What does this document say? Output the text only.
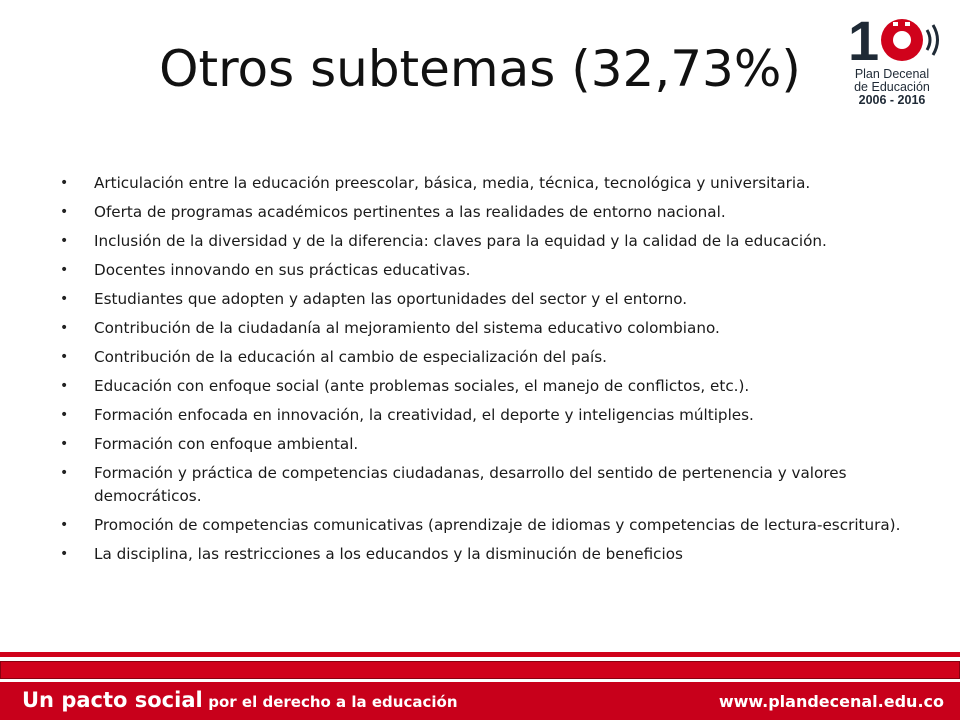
Otros subtemas (32,73%) 1
Plan Decenal
de Educación
2006 - 2016
• Articulación entre la educación preescolar, básica, media, técnica, tecnológica y universitaria.
• Oferta de programas académicos pertinentes a las realidades de entorno nacional.
• Inclusión de la diversidad y de la diferencia: claves para la equidad y la calidad de la educación.
• Docentes innovando en sus prácticas educativas.
• Estudiantes que adopten y adapten las oportunidades del sector y el entorno.
• Contribución de la ciudadanía al mejoramiento del sistema educativo colombiano.
• Contribución de la educación al cambio de especialización del país.
• Educación con enfoque social (ante problemas sociales, el manejo de conflictos, etc.).
• Formación enfocada en innovación, la creatividad, el deporte y inteligencias múltiples.
• Formación con enfoque ambiental.
• Formación y práctica de competencias ciudadanas, desarrollo del sentido de pertenencia y valores democráticos.
• Promoción de competencias comunicativas (aprendizaje de idiomas y competencias de lectura-escritura).
• La disciplina, las restricciones a los educandos y la disminución de beneficios
Un pacto social por el derecho a la educación	www.plandecenal.edu.co
